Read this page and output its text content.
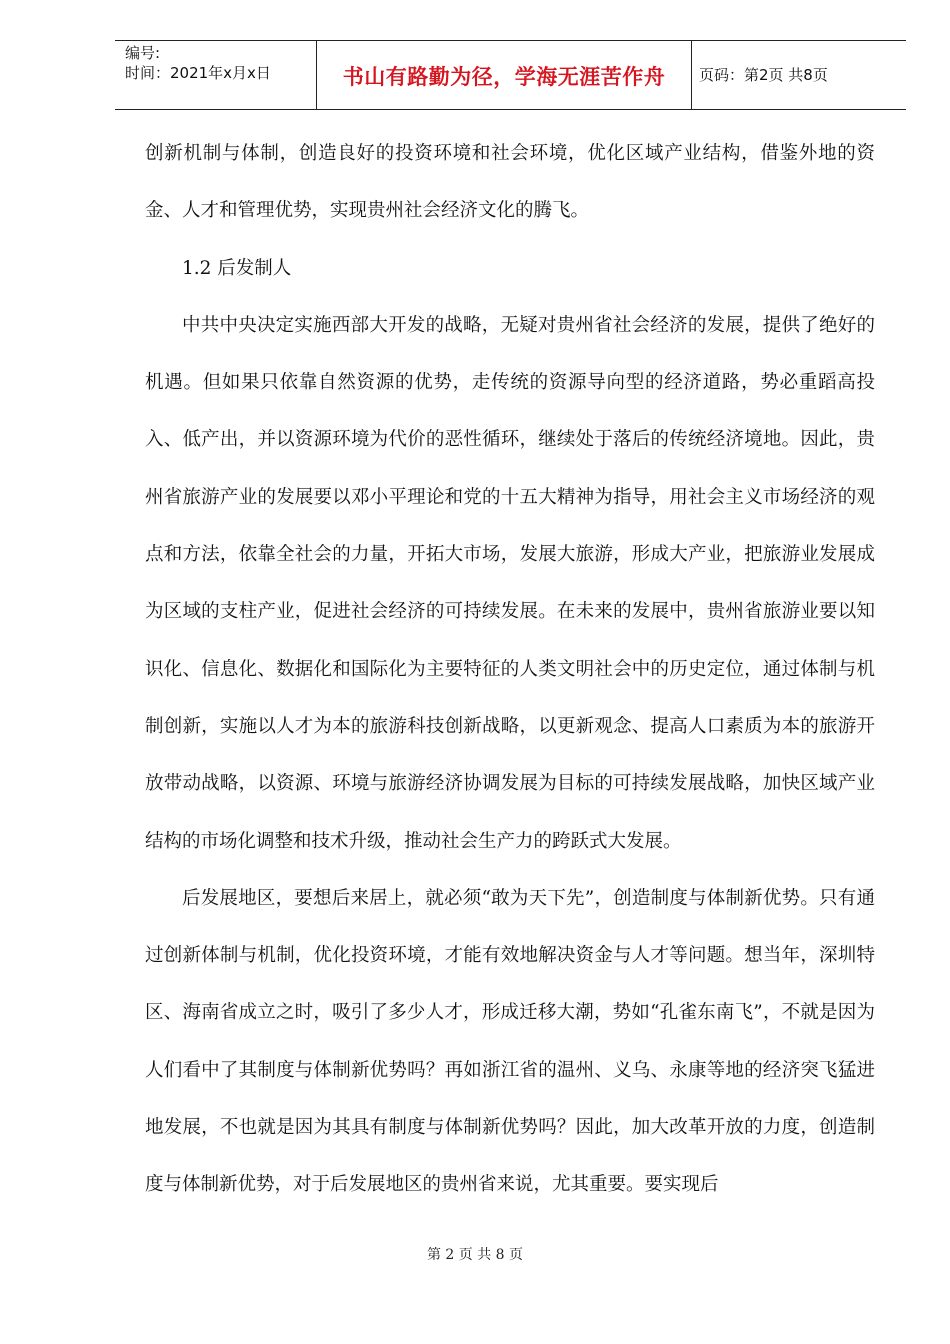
编号:
时间：2021年x月x日	书山有路勤为径，学海无涯苦作舟	页码：第2页 共8页

创新机制与体制，创造良好的投资环境和社会环境，优化区域产业结构，借鉴外地的资金、人才和管理优势，实现贵州社会经济文化的腾飞。

1.2 后发制人

中共中央决定实施西部大开发的战略，无疑对贵州省社会经济的发展，提供了绝好的机遇。但如果只依靠自然资源的优势，走传统的资源导向型的经济道路，势必重蹈高投入、低产出，并以资源环境为代价的恶性循环，继续处于落后的传统经济境地。因此，贵州省旅游产业的发展要以邓小平理论和党的十五大精神为指导，用社会主义市场经济的观点和方法，依靠全社会的力量，开拓大市场，发展大旅游，形成大产业，把旅游业发展成为区域的支柱产业，促进社会经济的可持续发展。在未来的发展中，贵州省旅游业要以知识化、信息化、数据化和国际化为主要特征的人类文明社会中的历史定位，通过体制与机制创新，实施以人才为本的旅游科技创新战略，以更新观念、提高人口素质为本的旅游开放带动战略，以资源、环境与旅游经济协调发展为目标的可持续发展战略，加快区域产业结构的市场化调整和技术升级，推动社会生产力的跨跃式大发展。

后发展地区，要想后来居上，就必须“敢为天下先”，创造制度与体制新优势。只有通过创新体制与机制，优化投资环境，才能有效地解决资金与人才等问题。想当年，深圳特区、海南省成立之时，吸引了多少人才，形成迁移大潮，势如“孔雀东南飞”，不就是因为人们看中了其制度与体制新优势吗？再如浙江省的温州、义乌、永康等地的经济突飞猛进地发展，不也就是因为其具有制度与体制新优势吗？因此，加大改革开放的力度，创造制度与体制新优势，对于后发展地区的贵州省来说，尤其重要。要实现后

第 2 页 共 8 页
